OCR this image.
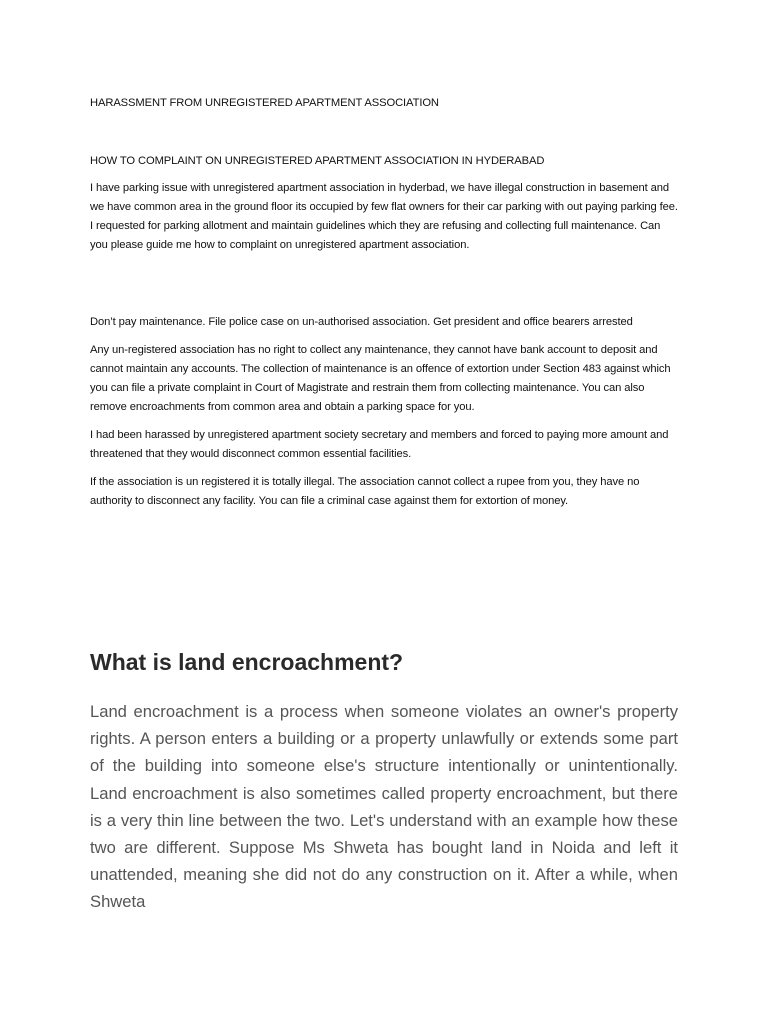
HARASSMENT FROM UNREGISTERED APARTMENT ASSOCIATION

HOW TO COMPLAINT ON UNREGISTERED APARTMENT ASSOCIATION IN HYDERABAD

I have parking issue with unregistered apartment association in hyderbad, we have illegal construction in basement and we have common area in the ground floor its occupied by few flat owners for their car parking with out paying parking fee. I requested for parking allotment and maintain guidelines which they are refusing and collecting full maintenance. Can you please guide me how to complaint on unregistered apartment association.

Don’t pay maintenance. File police case on un-authorised association. Get president and office bearers arrested

Any un-registered association has no right to collect any maintenance, they cannot have bank account to deposit and cannot maintain any accounts. The collection of maintenance is an offence of extortion under Section 483 against which you can file a private complaint in Court of Magistrate and restrain them from collecting maintenance. You can also remove encroachments from common area and obtain a parking space for you.

I had been harassed by unregistered apartment society secretary and members and forced to paying more amount and threatened that they would disconnect common essential facilities.

If the association is un registered it is totally illegal. The association cannot collect a rupee from you, they have no authority to disconnect any facility. You can file a criminal case against them for extortion of money.

What is land encroachment?

Land encroachment is a process when someone violates an owner's property rights. A person enters a building or a property unlawfully or extends some part of the building into someone else's structure intentionally or unintentionally. Land encroachment is also sometimes called property encroachment, but there is a very thin line between the two. Let's understand with an example how these two are different. Suppose Ms Shweta has bought land in Noida and left it unattended, meaning she did not do any construction on it. After a while, when Shweta
